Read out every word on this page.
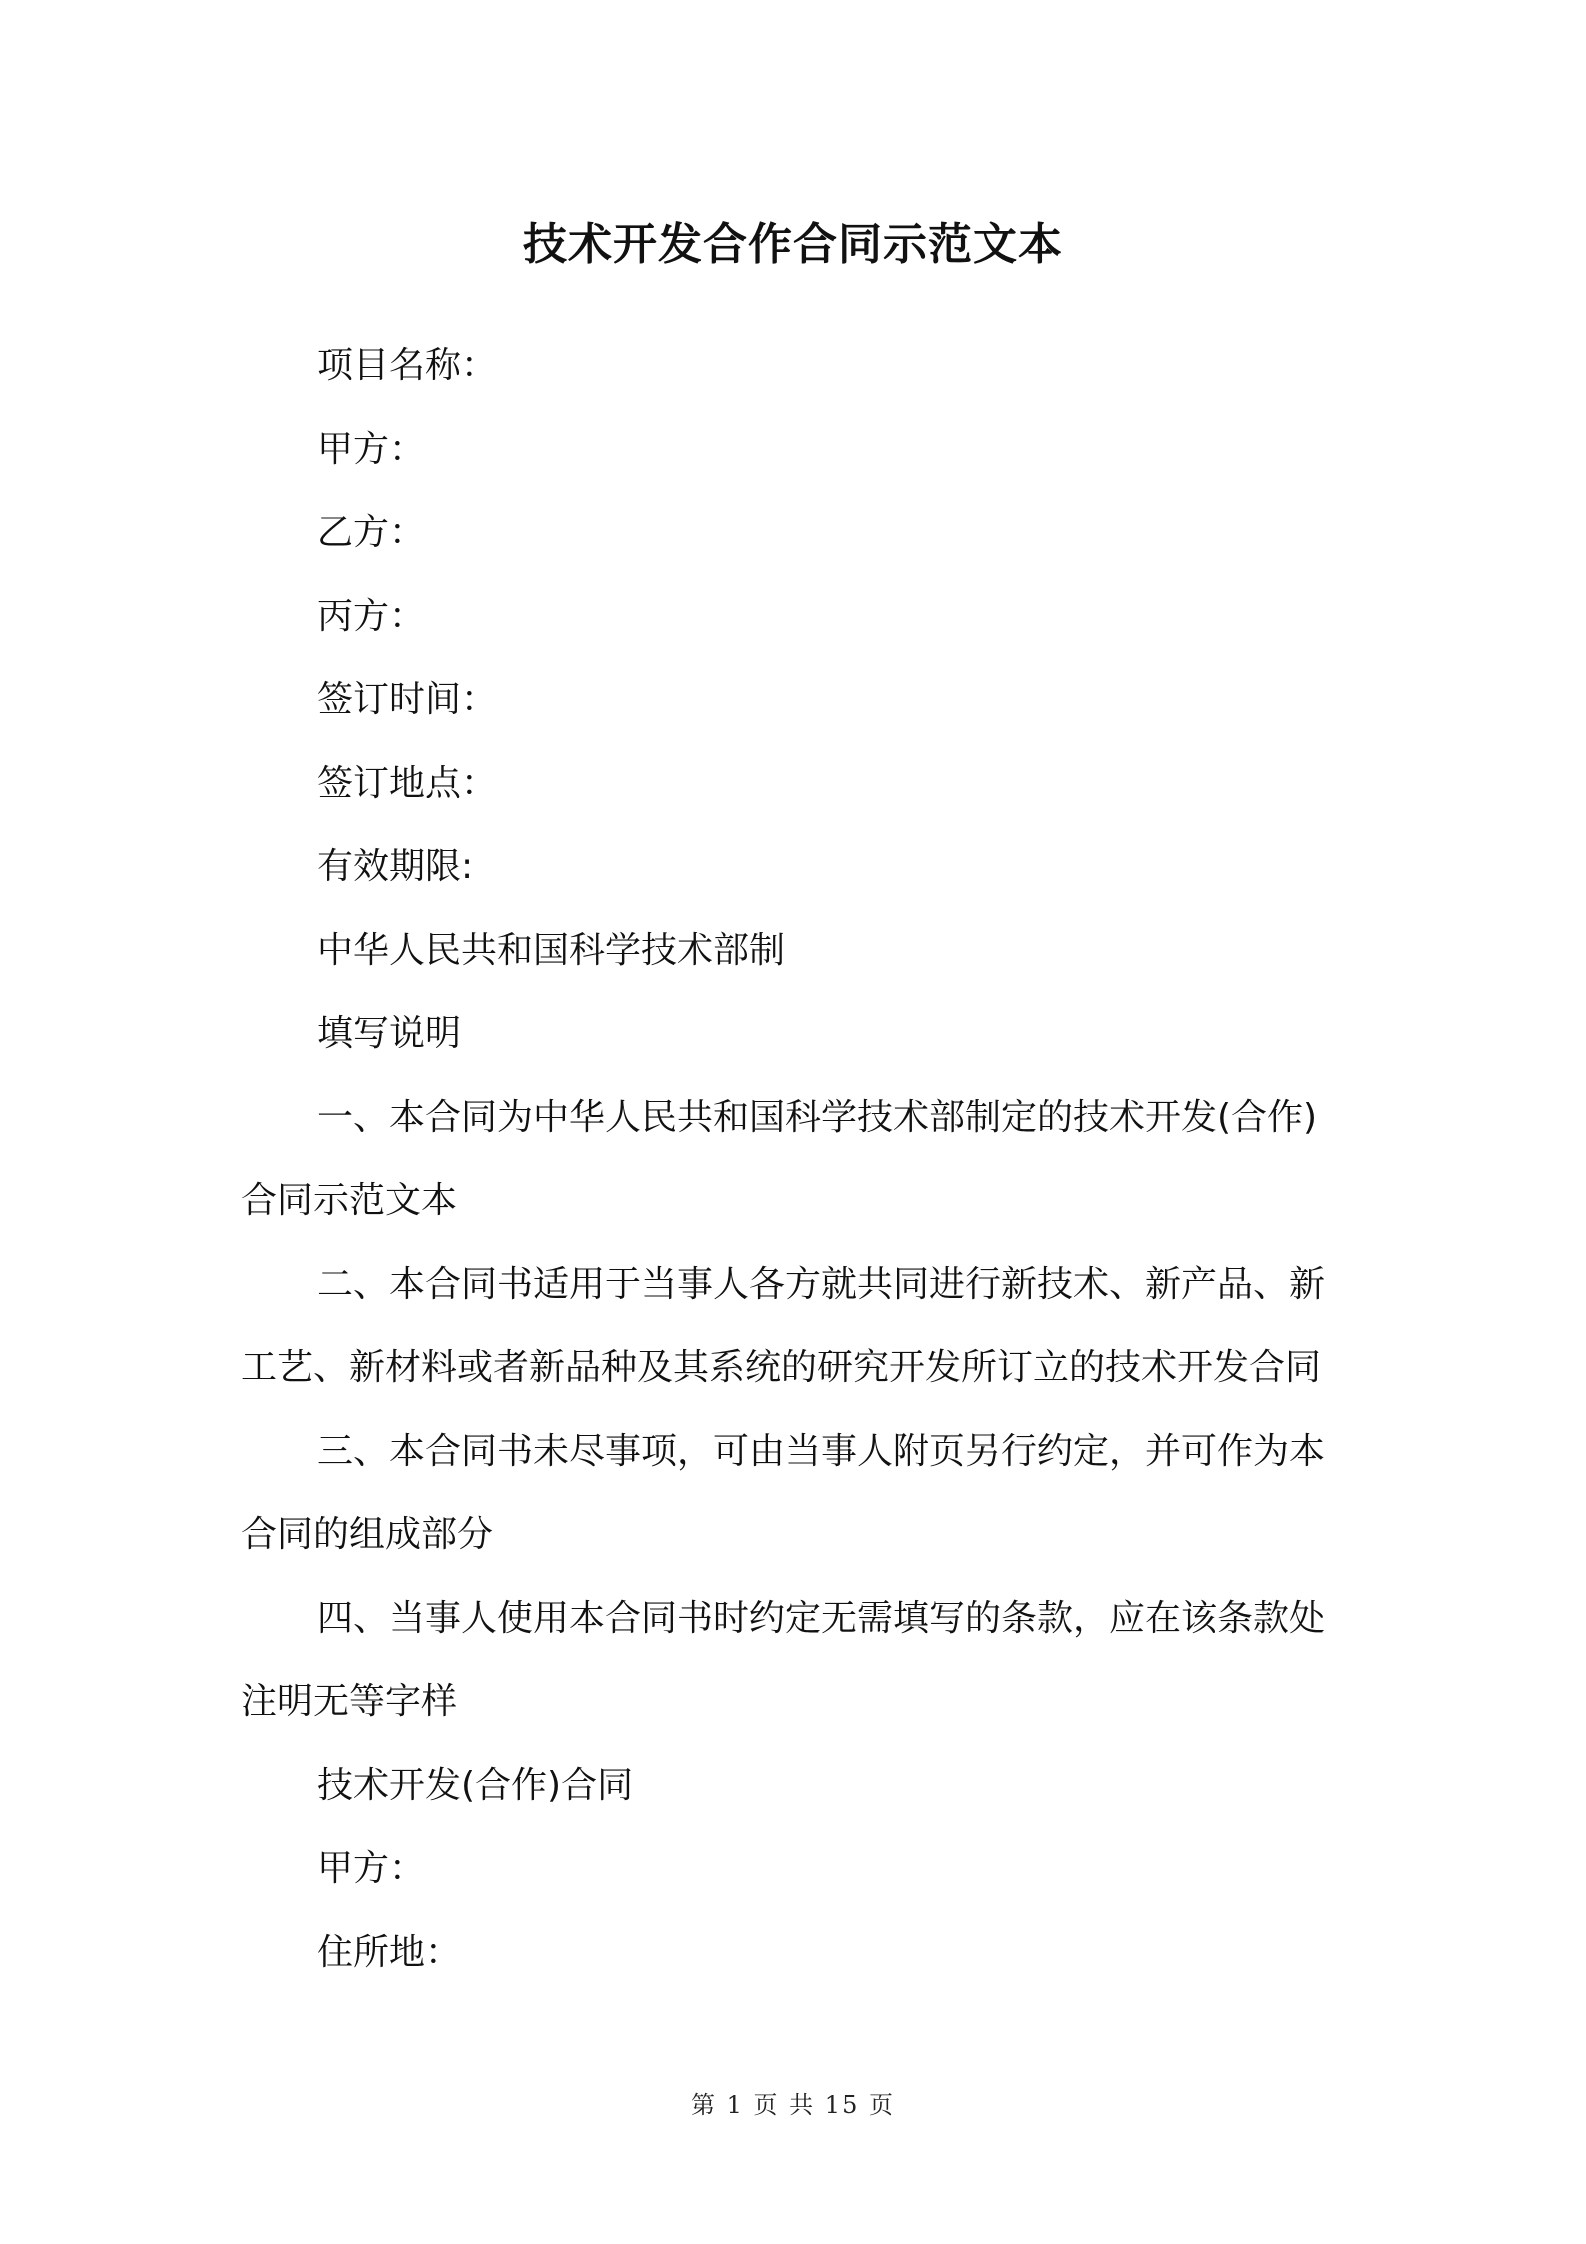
技术开发合作合同示范文本

项目名称：

甲方：

乙方：

丙方：

签订时间：

签订地点：

有效期限:

中华人民共和国科学技术部制

填写说明

一、本合同为中华人民共和国科学技术部制定的技术开发(合作)合同示范文本

二、本合同书适用于当事人各方就共同进行新技术、新产品、新工艺、新材料或者新品种及其系统的研究开发所订立的技术开发合同

三、本合同书未尽事项，可由当事人附页另行约定，并可作为本合同的组成部分

四、当事人使用本合同书时约定无需填写的条款，应在该条款处注明无等字样

技术开发(合作)合同

甲方：

住所地：

第 1 页 共 15 页
